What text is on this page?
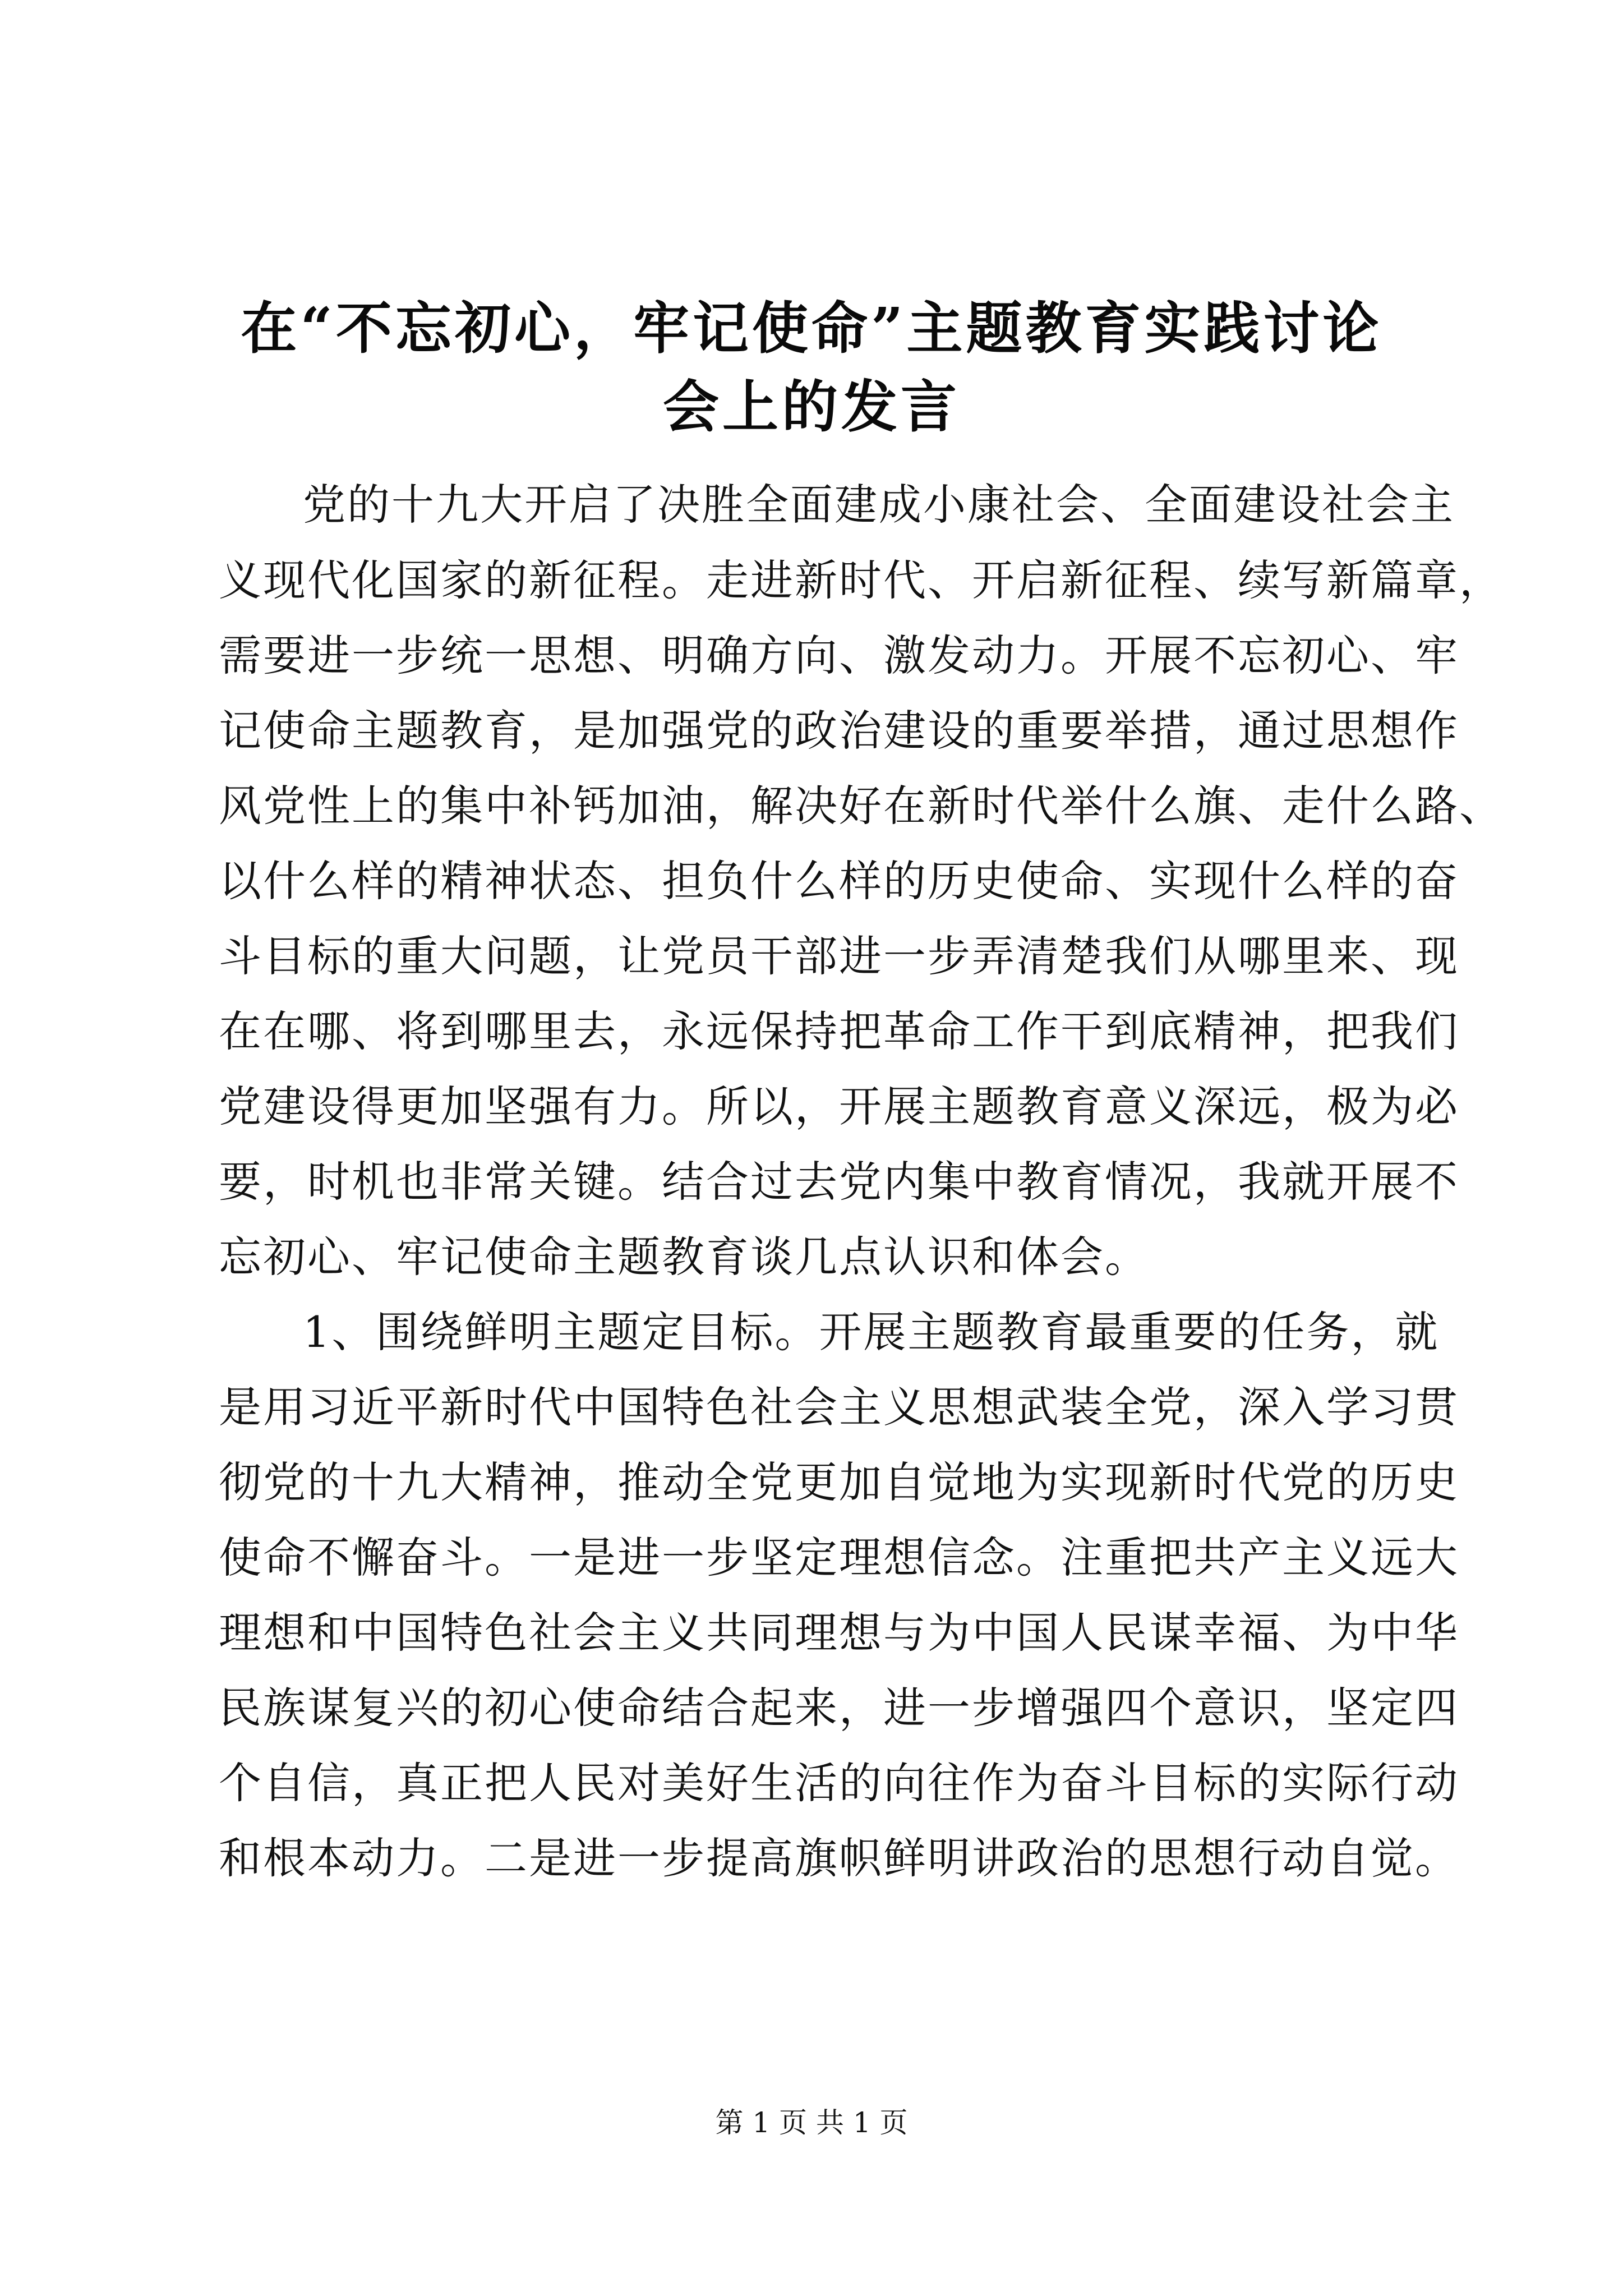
在“不忘初心，牢记使命”主题教育实践讨论
会上的发言
党的十九大开启了决胜全面建成小康社会、全面建设社会主
义现代化国家的新征程。走进新时代、开启新征程、续写新篇章，
需要进一步统一思想、明确方向、激发动力。开展不忘初心、牢
记使命主题教育，是加强党的政治建设的重要举措，通过思想作
风党性上的集中补钙加油，解决好在新时代举什么旗、走什么路、
以什么样的精神状态、担负什么样的历史使命、实现什么样的奋
斗目标的重大问题，让党员干部进一步弄清楚我们从哪里来、现
在在哪、将到哪里去，永远保持把革命工作干到底精神，把我们
党建设得更加坚强有力。所以，开展主题教育意义深远，极为必
要，时机也非常关键。结合过去党内集中教育情况，我就开展不
忘初心、牢记使命主题教育谈几点认识和体会。
1、围绕鲜明主题定目标。开展主题教育最重要的任务，就
是用习近平新时代中国特色社会主义思想武装全党，深入学习贯
彻党的十九大精神，推动全党更加自觉地为实现新时代党的历史
使命不懈奋斗。一是进一步坚定理想信念。注重把共产主义远大
理想和中国特色社会主义共同理想与为中国人民谋幸福、为中华
民族谋复兴的初心使命结合起来，进一步增强四个意识，坚定四
个自信，真正把人民对美好生活的向往作为奋斗目标的实际行动
和根本动力。二是进一步提高旗帜鲜明讲政治的思想行动自觉。
第 1 页 共 1 页
